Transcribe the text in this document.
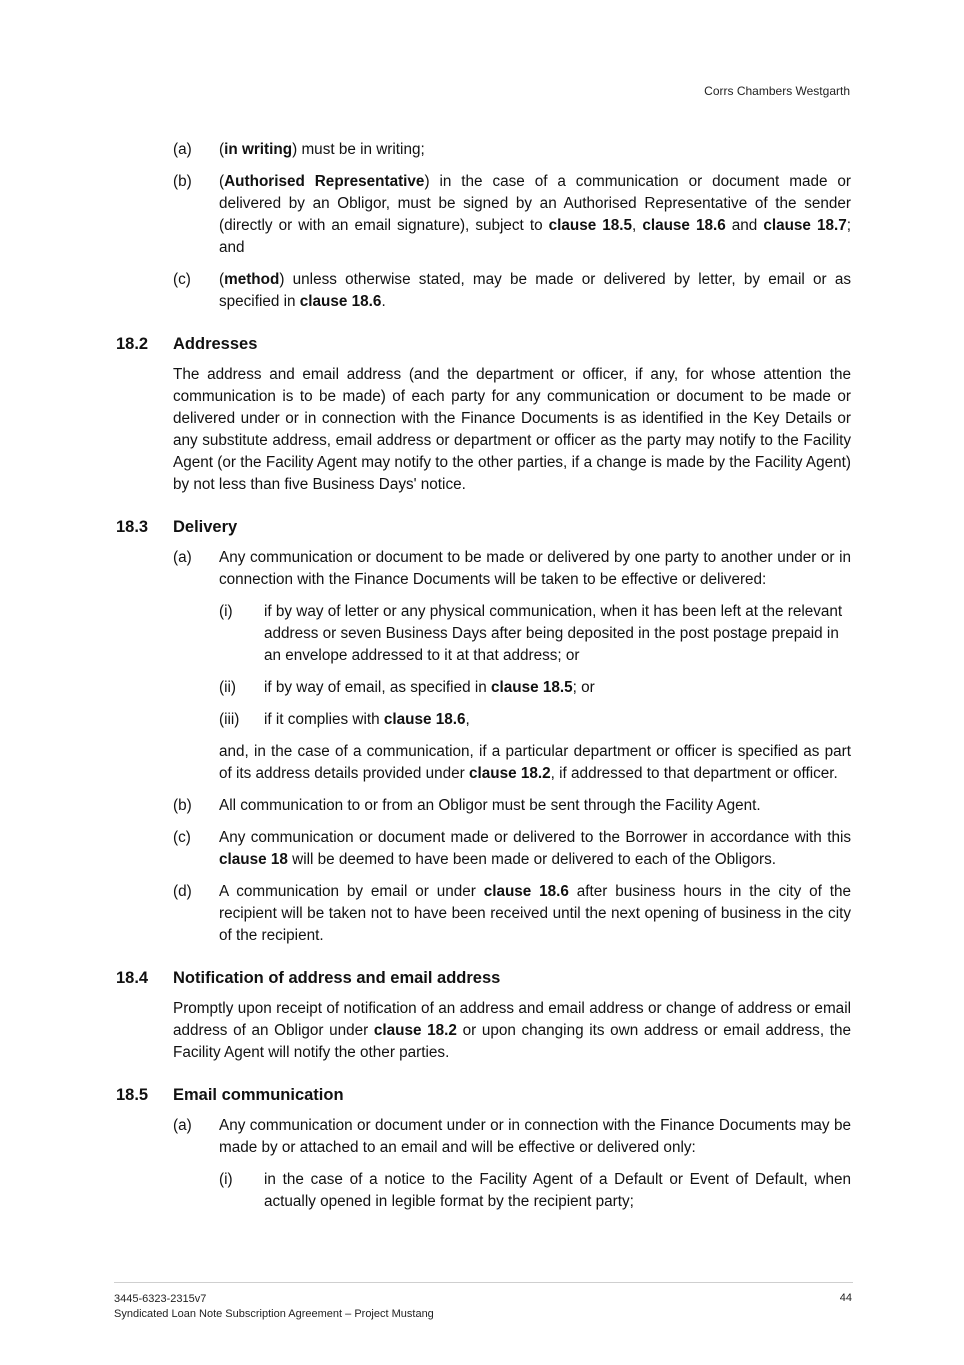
Corrs Chambers Westgarth
(a) (in writing) must be in writing;
(b) (Authorised Representative) in the case of a communication or document made or delivered by an Obligor, must be signed by an Authorised Representative of the sender (directly or with an email signature), subject to clause 18.5, clause 18.6 and clause 18.7; and
(c) (method) unless otherwise stated, may be made or delivered by letter, by email or as specified in clause 18.6.
18.2 Addresses
The address and email address (and the department or officer, if any, for whose attention the communication is to be made) of each party for any communication or document to be made or delivered under or in connection with the Finance Documents is as identified in the Key Details or any substitute address, email address or department or officer as the party may notify to the Facility Agent (or the Facility Agent may notify to the other parties, if a change is made by the Facility Agent) by not less than five Business Days' notice.
18.3 Delivery
(a) Any communication or document to be made or delivered by one party to another under or in connection with the Finance Documents will be taken to be effective or delivered:
(i) if by way of letter or any physical communication, when it has been left at the relevant address or seven Business Days after being deposited in the post postage prepaid in an envelope addressed to it at that address; or
(ii) if by way of email, as specified in clause 18.5; or
(iii) if it complies with clause 18.6,
and, in the case of a communication, if a particular department or officer is specified as part of its address details provided under clause 18.2, if addressed to that department or officer.
(b) All communication to or from an Obligor must be sent through the Facility Agent.
(c) Any communication or document made or delivered to the Borrower in accordance with this clause 18 will be deemed to have been made or delivered to each of the Obligors.
(d) A communication by email or under clause 18.6 after business hours in the city of the recipient will be taken not to have been received until the next opening of business in the city of the recipient.
18.4 Notification of address and email address
Promptly upon receipt of notification of an address and email address or change of address or email address of an Obligor under clause 18.2 or upon changing its own address or email address, the Facility Agent will notify the other parties.
18.5 Email communication
(a) Any communication or document under or in connection with the Finance Documents may be made by or attached to an email and will be effective or delivered only:
(i) in the case of a notice to the Facility Agent of a Default or Event of Default, when actually opened in legible format by the recipient party;
3445-6323-2315v7
Syndicated Loan Note Subscription Agreement – Project Mustang
44
